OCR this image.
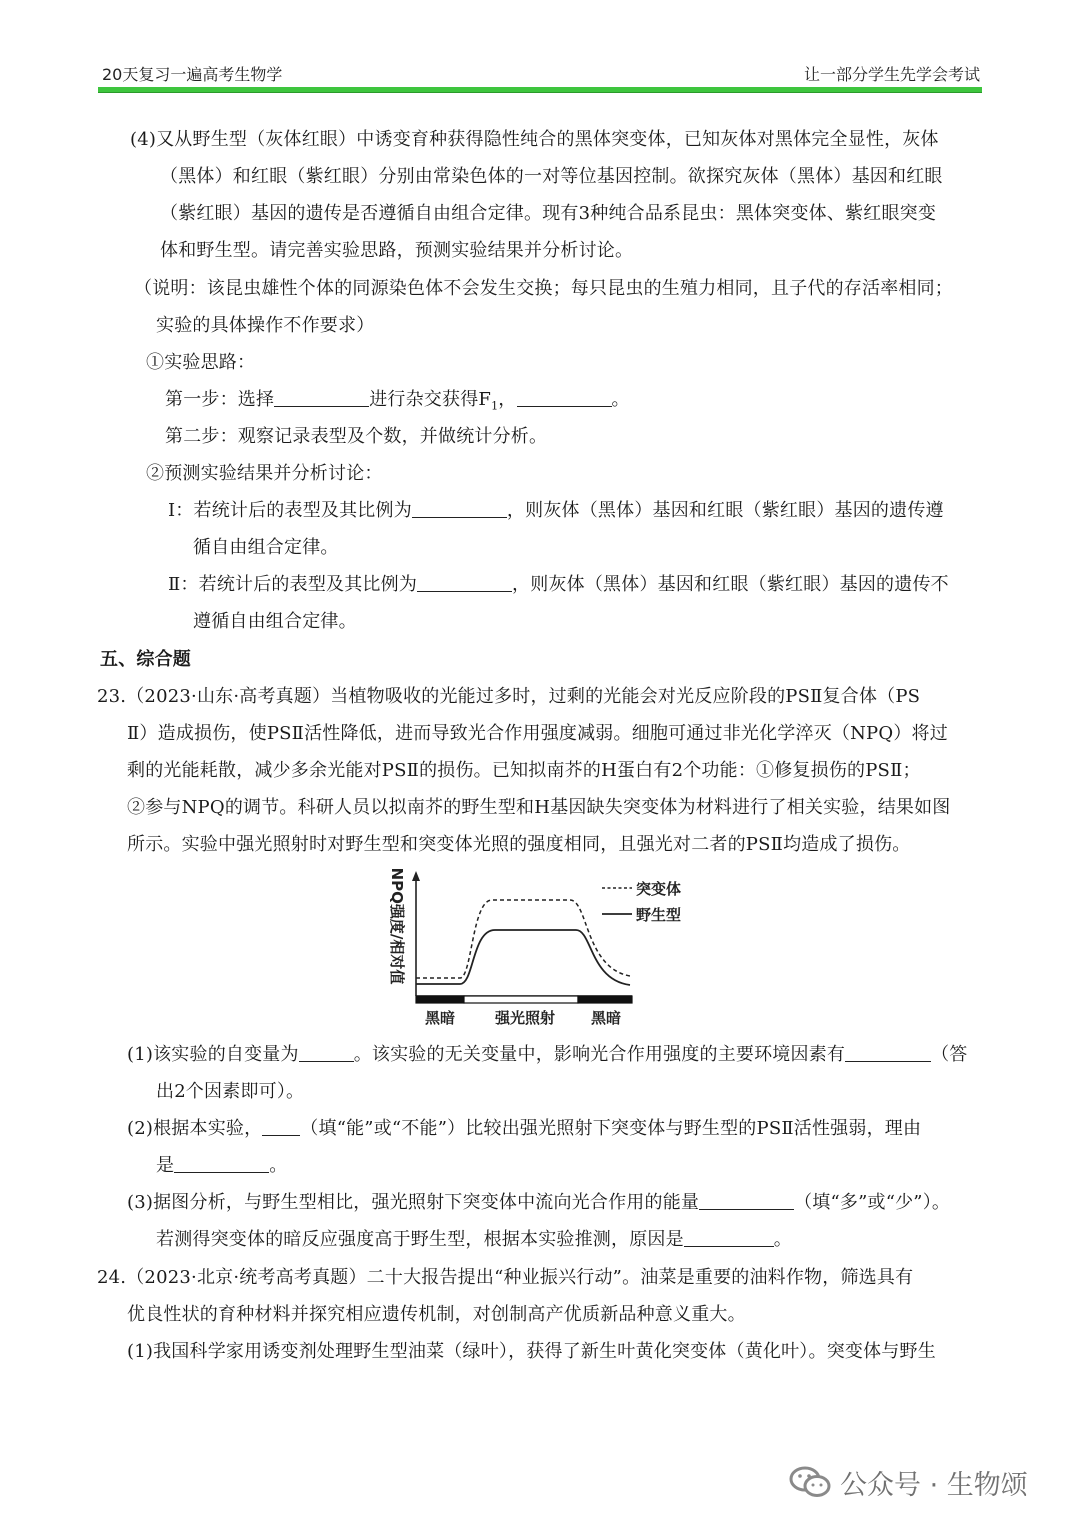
20天复习一遍高考生物学	让一部分学生先学会考试
(4)又从野生型（灰体红眼）中诱变育种获得隐性纯合的黑体突变体，已知灰体对黑体完全显性，灰体
（黑体）和红眼（紫红眼）分别由常染色体的一对等位基因控制。欲探究灰体（黑体）基因和红眼
（紫红眼）基因的遗传是否遵循自由组合定律。现有3种纯合品系昆虫：黑体突变体、紫红眼突变
体和野生型。请完善实验思路，预测实验结果并分析讨论。
（说明：该昆虫雄性个体的同源染色体不会发生交换；每只昆虫的生殖力相同，且子代的存活率相同；
实验的具体操作不作要求）
①实验思路：
第一步：选择	进行杂交获得$F_1$，	。
第二步：观察记录表型及个数，并做统计分析。
②预测实验结果并分析讨论：
Ⅰ：若统计后的表型及其比例为	，则灰体（黑体）基因和红眼（紫红眼）基因的遗传遵
循自由组合定律。
Ⅱ：若统计后的表型及其比例为	，则灰体（黑体）基因和红眼（紫红眼）基因的遗传不
遵循自由组合定律。
五、综合题
23.（2023·山东·高考真题）当植物吸收的光能过多时，过剩的光能会对光反应阶段的PSⅡ复合体（PS
Ⅱ）造成损伤，使PSⅡ活性降低，进而导致光合作用强度减弱。细胞可通过非光化学淬灭（NPQ）将过
剩的光能耗散，减少多余光能对PSⅡ的损伤。已知拟南芥的H蛋白有2个功能：①修复损伤的PSⅡ；
②参与NPQ的调节。科研人员以拟南芥的野生型和H基因缺失突变体为材料进行了相关实验，结果如图
所示。实验中强光照射时对野生型和突变体光照的强度相同，且强光对二者的PSⅡ均造成了损伤。
NPQ强度/相对值	突变体
野生型
黑暗	强光照射 黑暗
(1)该实验的自变量为	。该实验的无关变量中，影响光合作用强度的主要环境因素有	（答
出2个因素即可）。
(2)根据本实验， （填“能”或“不能”）比较出强光照射下突变体与野生型的PSⅡ活性强弱，理由
是	。
(3)据图分析，与野生型相比，强光照射下突变体中流向光合作用的能量	（填“多”或“少”）。
若测得突变体的暗反应强度高于野生型，根据本实验推测，原因是	。
24.（2023·北京·统考高考真题）二十大报告提出“种业振兴行动”。油菜是重要的油料作物，筛选具有
优良性状的育种材料并探究相应遗传机制，对创制高产优质新品种意义重大。
(1)我国科学家用诱变剂处理野生型油菜（绿叶），获得了新生叶黄化突变体（黄化叶）。突变体与野生
公众号 · 生物颂
